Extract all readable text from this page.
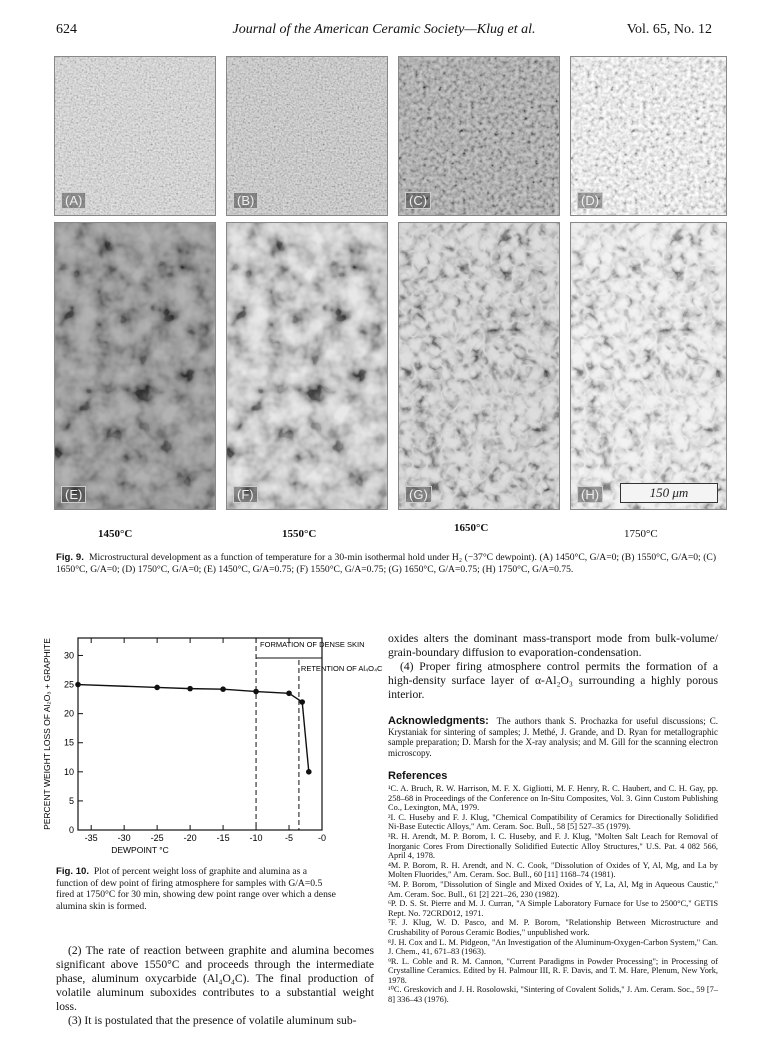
624	Journal of the American Ceramic Society—Klug et al.	Vol. 65, No. 12
(A)	(B)	(C)	(D)
(E)	(F)	(G)	(H)	150 μm
1450°C	1550°C	1650°C	1750°C
Fig. 9. Microstructural development as a function of temperature for a 30-min isothermal hold under H₂ (−37°C dewpoint). (A) 1450°C, G/A=0; (B) 1550°C, G/A=0; (C) 1650°C, G/A=0; (D) 1750°C, G/A=0; (E) 1450°C, G/A=0.75; (F) 1550°C, G/A=0.75; (G) 1650°C, G/A=0.75; (H) 1750°C, G/A=0.75.
-35 -30 -25 -20 -15 -10 -5	-0
0
5
10
15
20
25
30
DEWPOINT °C
PERCENT WEIGHT LOSS OF Al₂O₃ + GRAPHITE	FORMATION OF DENSE SKIN
RETENTION OF Al₄O₄C
Fig. 10. Plot of percent weight loss of graphite and alumina as a function of dew point of firing atmosphere for samples with G/A=0.5 fired at 1750°C for 30 min, showing dew point range over which a dense alumina skin is formed.

(2) The rate of reaction between graphite and alumina becomes significant above 1550°C and proceeds through the intermediate phase, aluminum oxycarbide (Al₄O₄C). The final production of volatile aluminum suboxides contributes to a substantial weight loss.

(3) It is postulated that the presence of volatile aluminum sub-

oxides alters the dominant mass-transport mode from bulk-volume/ grain-boundary diffusion to evaporation-condensation.

(4) Proper firing atmosphere control permits the formation of a high-density surface layer of α-Al₂O₃ surrounding a highly porous interior.

Acknowledgments: The authors thank S. Prochazka for useful discussions; C. Krystaniak for sintering of samples; J. Methé, J. Grande, and D. Ryan for metallographic sample preparation; D. Marsh for the X-ray analysis; and M. Gill for the scanning electron microscopy.
References
¹C. A. Bruch, R. W. Harrison, M. F. X. Gigliotti, M. F. Henry, R. C. Haubert, and C. H. Gay, pp. 258–68 in Proceedings of the Conference on In-Situ Composites, Vol. 3. Ginn Custom Publishing Co., Lexington, MA, 1979.
²I. C. Huseby and F. J. Klug, "Chemical Compatibility of Ceramics for Directionally Solidified Ni-Base Eutectic Alloys," Am. Ceram. Soc. Bull., 58 [5] 527–35 (1979).
³R. H. Arendt, M. P. Borom, I. C. Huseby, and F. J. Klug, "Molten Salt Leach for Removal of Inorganic Cores From Directionally Solidified Eutectic Alloy Structures," U.S. Pat. 4 082 566, April 4, 1978.
⁴M. P. Borom, R. H. Arendt, and N. C. Cook, "Dissolution of Oxides of Y, Al, Mg, and La by Molten Fluorides," Am. Ceram. Soc. Bull., 60 [11] 1168–74 (1981).
⁵M. P. Borom, "Dissolution of Single and Mixed Oxides of Y, La, Al, Mg in Aqueous Caustic," Am. Ceram. Soc. Bull., 61 [2] 221–26, 230 (1982).
⁶P. D. S. St. Pierre and M. J. Curran, "A Simple Laboratory Furnace for Use to 2500°C," GETIS Rept. No. 72CRD012, 1971.
⁷F. J. Klug, W. D. Pasco, and M. P. Borom, "Relationship Between Microstructure and Crushability of Porous Ceramic Bodies," unpublished work.
⁸J. H. Cox and L. M. Pidgeon, "An Investigation of the Aluminum-Oxygen-Carbon System," Can. J. Chem., 41, 671–83 (1963).
⁹R. L. Coble and R. M. Cannon, "Current Paradigms in Powder Processing"; in Processing of Crystalline Ceramics. Edited by H. Palmour III, R. F. Davis, and T. M. Hare, Plenum, New York, 1978.
¹⁰C. Greskovich and J. H. Rosolowski, "Sintering of Covalent Solids," J. Am. Ceram. Soc., 59 [7–8] 336–43 (1976).
